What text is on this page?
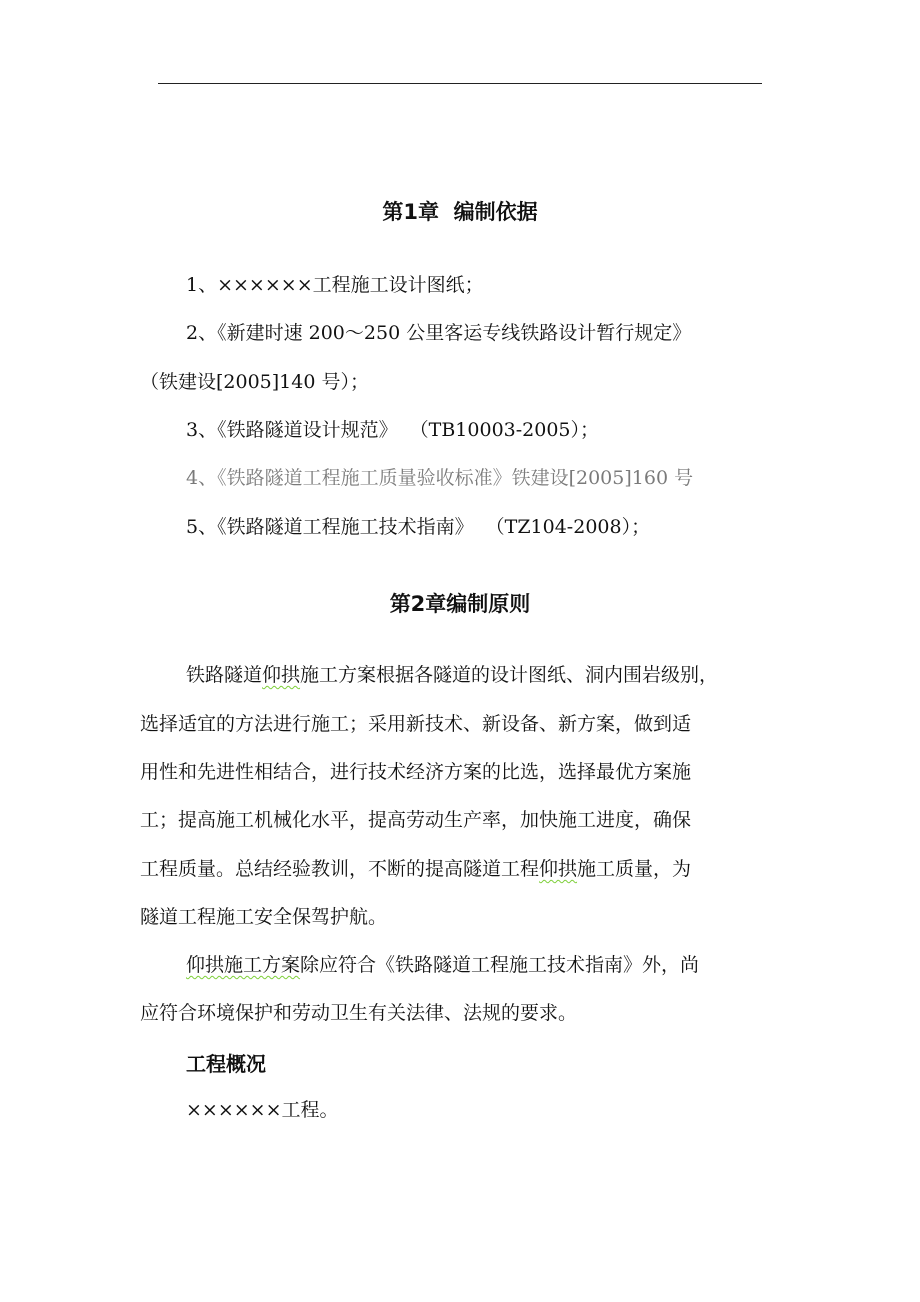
第1章  编制依据
1、××××××工程施工设计图纸；
2、《新建时速 200～250 公里客运专线铁路设计暂行规定》
（铁建设[2005]140 号）；
3、《铁路隧道设计规范》  （TB10003-2005）；
4、《铁路隧道工程施工质量验收标准》铁建设[2005]160 号
5、《铁路隧道工程施工技术指南》  （TZ104-2008）；
第2章编制原则
铁路隧道仰拱施工方案根据各隧道的设计图纸、洞内围岩级别，
选择适宜的方法进行施工；采用新技术、新设备、新方案，做到适
用性和先进性相结合，进行技术经济方案的比选，选择最优方案施
工；提高施工机械化水平，提高劳动生产率，加快施工进度，确保
工程质量。总结经验教训，不断的提高隧道工程仰拱施工质量，为
隧道工程施工安全保驾护航。
仰拱施工方案除应符合《铁路隧道工程施工技术指南》外，尚
应符合环境保护和劳动卫生有关法律、法规的要求。
工程概况
××××××工程。
